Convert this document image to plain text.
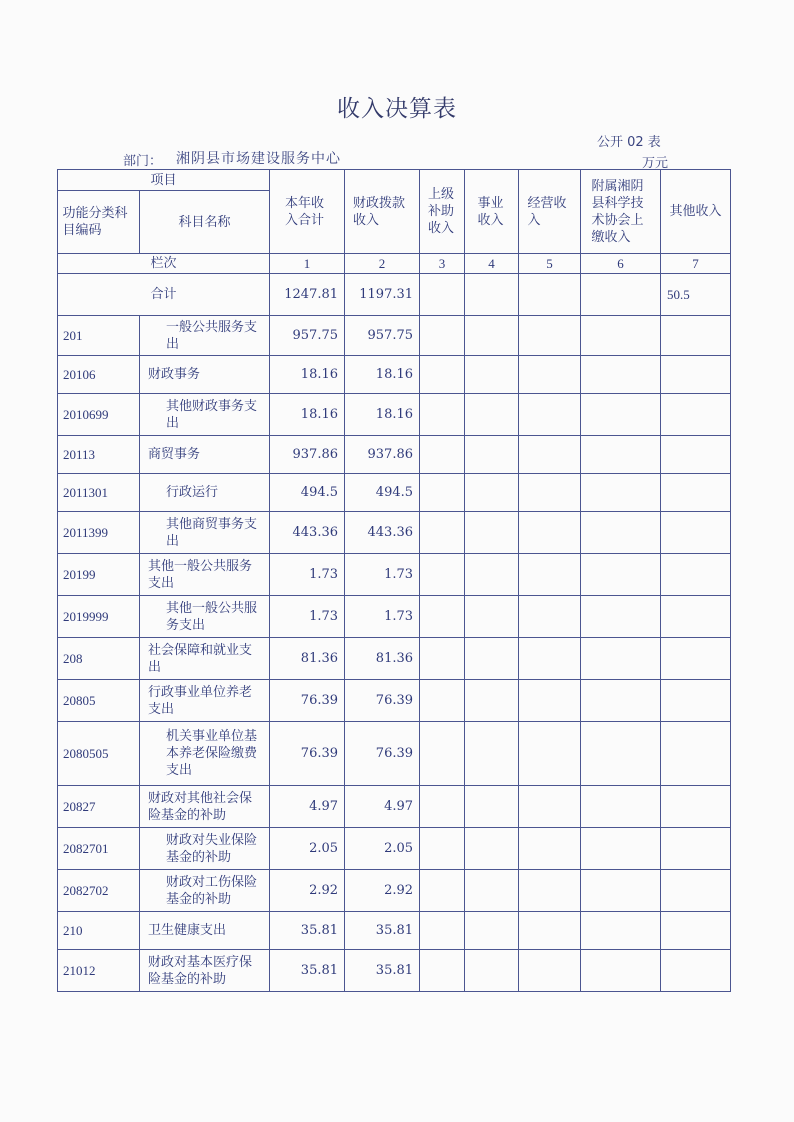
收入决算表
公开 02 表
部门： 湘阴县市场建设服务中心	万元
项目		本年收入合计	财政拨款收入	上级补助收入	事业收入	经营收入	附属湘阴县科学技术协会上缴收入	其他收入

功能分类科目编码	科目名称							
栏次		1	2	3	4	5	6	7
合计		1247.81	1197.31					50.5
201	一般公共服务支出	957.75	957.75					
20106	财政事务	18.16	18.16					
2010699	其他财政事务支出	18.16	18.16					
20113	商贸事务	937.86	937.86					
2011301	行政运行	494.5	494.5					
2011399	其他商贸事务支出	443.36	443.36					
20199	其他一般公共服务支出	1.73	1.73					
2019999	其他一般公共服务支出	1.73	1.73					
208	社会保障和就业支出	81.36	81.36					
20805	行政事业单位养老支出	76.39	76.39					
2080505	机关事业单位基本养老保险缴费支出	76.39	76.39					
20827	财政对其他社会保险基金的补助	4.97	4.97					
2082701	财政对失业保险基金的补助	2.05	2.05					
2082702	财政对工伤保险基金的补助	2.92	2.92					
210	卫生健康支出	35.81	35.81					
21012	财政对基本医疗保险基金的补助	35.81	35.81					
